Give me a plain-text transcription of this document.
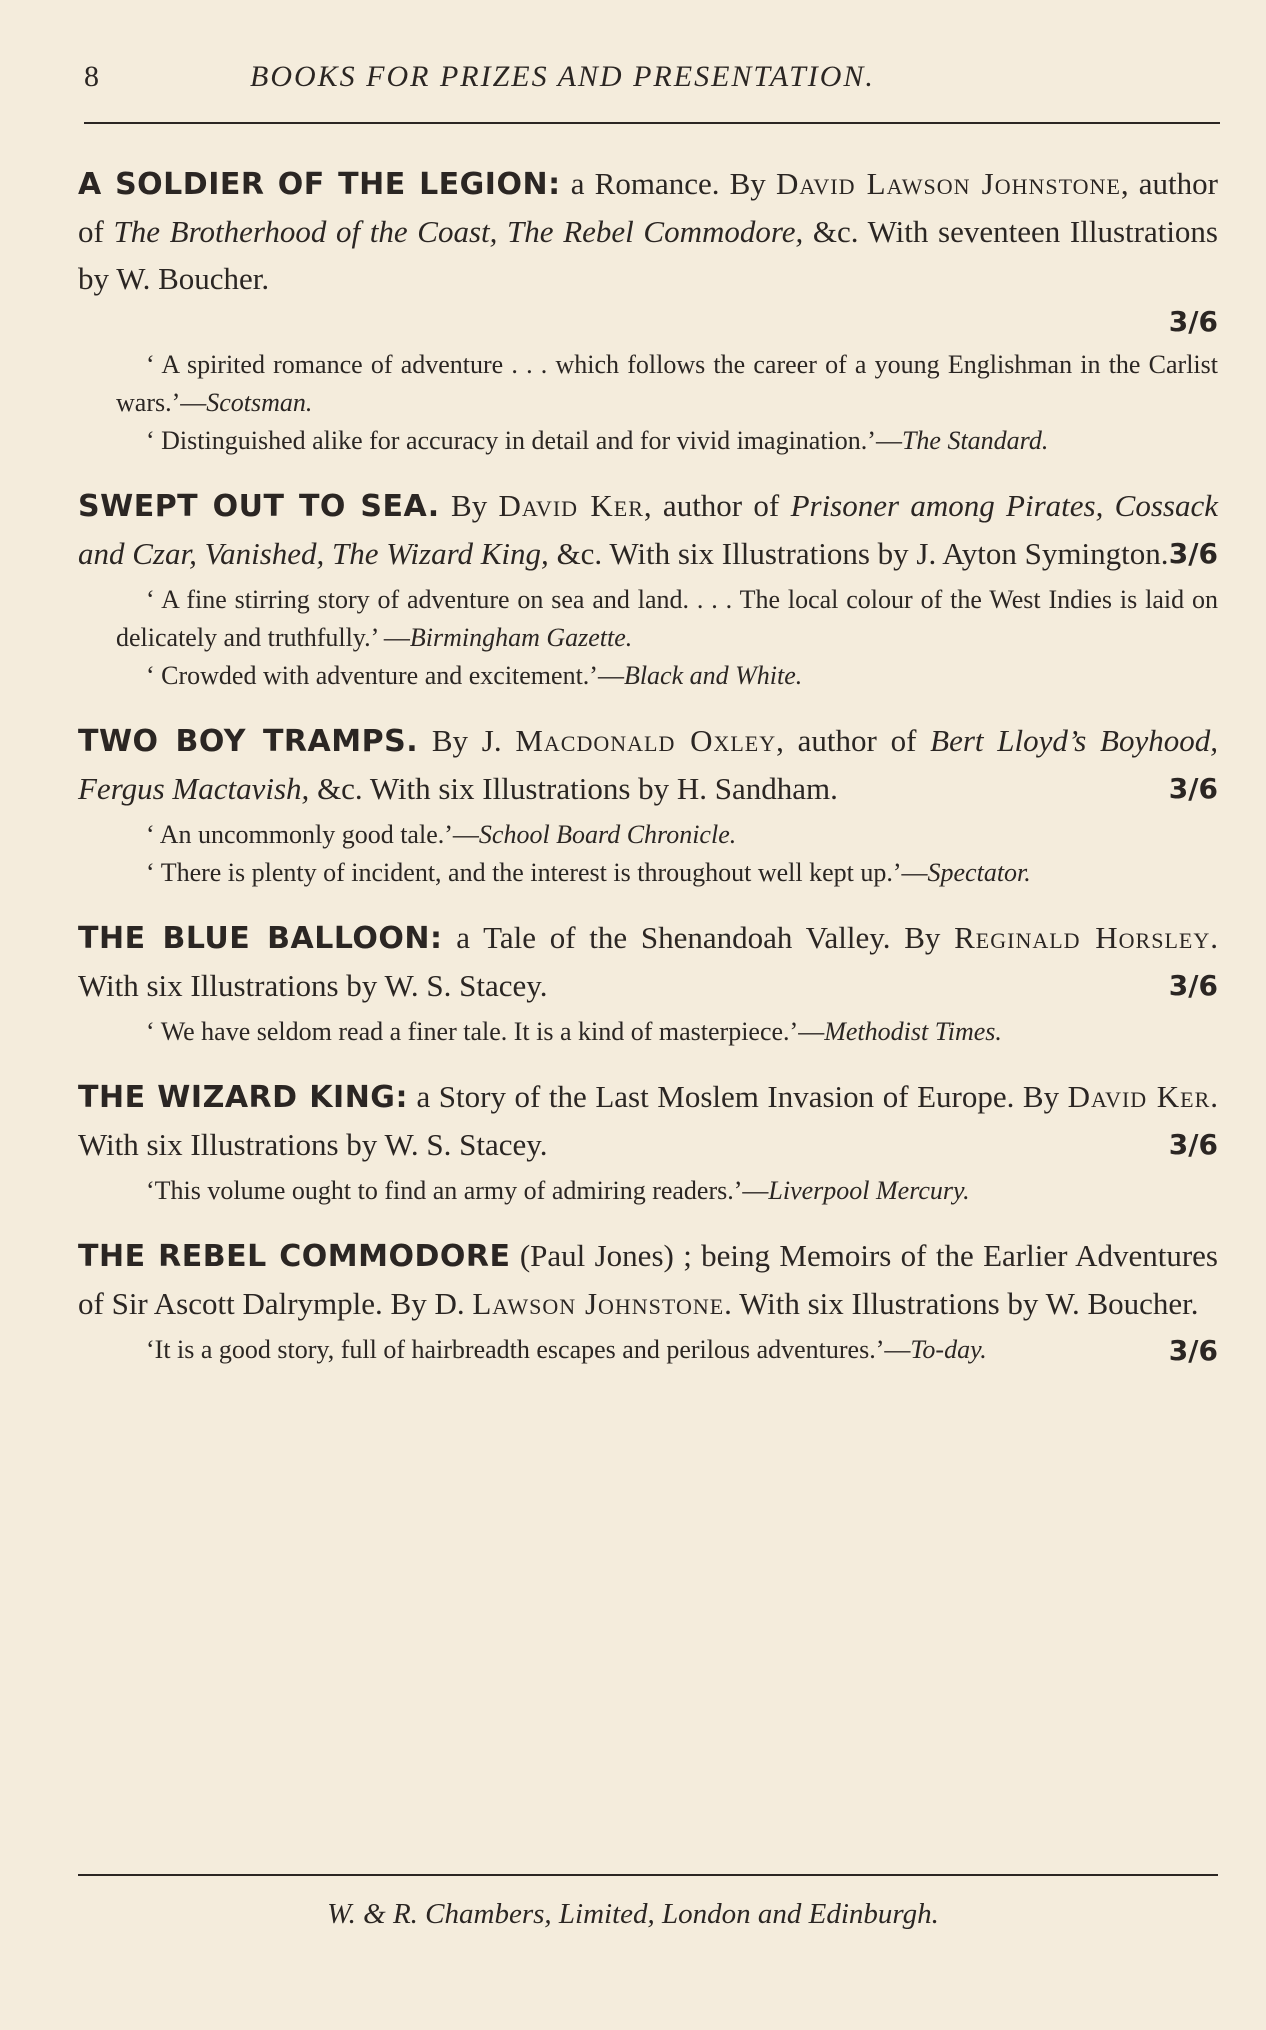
8	BOOKS FOR PRIZES AND PRESENTATION.
A SOLDIER OF THE LEGION: a Romance. By David Lawson Johnstone, author of The Brotherhood of the Coast, The Rebel Commodore, &c. With seventeen Illustrations by W. Boucher.
3/6
‘ A spirited romance of adventure . . . which follows the career of a young Englishman in the Carlist wars.’—Scotsman.
‘ Distinguished alike for accuracy in detail and for vivid imagination.’—The Standard.
SWEPT OUT TO SEA. By David Ker, author of Prisoner among Pirates, Cossack and Czar, Vanished, The Wizard King, &c. With six Illustrations by J. Ayton Symington. 3/6
‘ A fine stirring story of adventure on sea and land. . . . The local colour of the West Indies is laid on delicately and truthfully.’ —Birmingham Gazette.
‘ Crowded with adventure and excitement.’—Black and White.
TWO BOY TRAMPS. By J. Macdonald Oxley, author of Bert Lloyd’s Boyhood, Fergus Mactavish, &c. With six Illustrations by H. Sandham.	3/6
‘ An uncommonly good tale.’—School Board Chronicle.
‘ There is plenty of incident, and the interest is throughout well kept up.’—Spectator.
THE BLUE BALLOON: a Tale of the Shenandoah Valley. By Reginald Horsley. With six Illustrations by W. S. Stacey.	3/6
‘ We have seldom read a finer tale. It is a kind of masterpiece.’—Methodist Times.
THE WIZARD KING: a Story of the Last Moslem Invasion of Europe. By David Ker. With six Illustrations by W. S. Stacey.	3/6
‘This volume ought to find an army of admiring readers.’—Liverpool Mercury.
THE REBEL COMMODORE (Paul Jones) ; being Memoirs of the Earlier Adventures of Sir Ascott Dalrymple. By D. Lawson Johnstone. With six Illustrations by W. Boucher.
3/6
‘It is a good story, full of hairbreadth escapes and perilous adventures.’—To-day.
W. & R. Chambers, Limited, London and Edinburgh.
